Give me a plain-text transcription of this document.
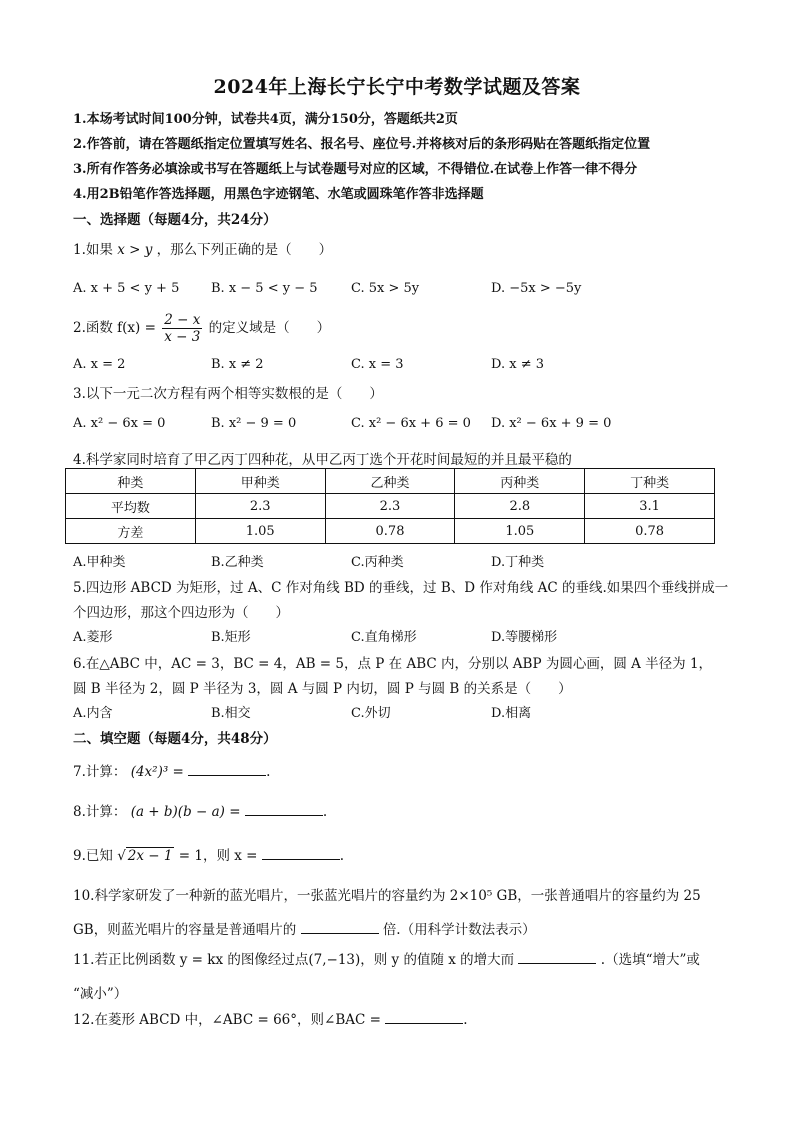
2024年上海长宁长宁中考数学试题及答案
1.本场考试时间100分钟，试卷共4页，满分150分，答题纸共2页
2.作答前，请在答题纸指定位置填写姓名、报名号、座位号.并将核对后的条形码贴在答题纸指定位置
3.所有作答务必填涂或书写在答题纸上与试卷题号对应的区域，不得错位.在试卷上作答一律不得分
4.用2B铅笔作答选择题，用黑色字迹钢笔、水笔或圆珠笔作答非选择题
一、选择题（每题4分，共24分）
1.如果 x > y ，那么下列正确的是（　　）
A. x + 5 < y + 5 B. x − 5 < y − 5	C. 5x > 5y	D. −5x > −5y
2.函数 $f(x) = \frac{2 - x}{x - 3}$ 的定义域是（　　）
A. x = 2	B. x ≠ 2	C. x = 3	D. x ≠ 3
3.以下一元二次方程有两个相等实数根的是（　　）
A. x² − 6x = 0	B. x² − 9 = 0	C. x² − 6x + 6 = 0 D. x² − 6x + 9 = 0
4.科学家同时培育了甲乙丙丁四种花，从甲乙丙丁选个开花时间最短的并且最平稳的
种类	甲种类	乙种类	丙种类	丁种类
平均数	2.3	2.3	2.8	3.1
方差	1.05	0.78	1.05	0.78
A.甲种类	B.乙种类	C.丙种类	D.丁种类
5.四边形 ABCD 为矩形，过 A、C 作对角线 BD 的垂线，过 B、D 作对角线 AC 的垂线.如果四个垂线拼成一
个四边形，那这个四边形为（　　）
A.菱形	B.矩形	C.直角梯形	D.等腰梯形
6.在△ABC 中，AC = 3，BC = 4，AB = 5，点 P 在 ABC 内，分别以 ABP 为圆心画，圆 A 半径为 1，
圆 B 半径为 2，圆 P 半径为 3，圆 A 与圆 P 内切，圆 P 与圆 B 的关系是（　　）
A.内含	B.相交	C.外切	D.相离
二、填空题（每题4分，共48分）
7.计算： (4x²)³ =	.
8.计算： (a + b)(b − a) =	.
9.已知 √ 2x − 1 = 1，则 x =	.
10.科学家研发了一种新的蓝光唱片，一张蓝光唱片的容量约为 2×10⁵ GB，一张普通唱片的容量约为 25
GB，则蓝光唱片的容量是普通唱片的	倍.（用科学计数法表示）
11.若正比例函数 y = kx 的图像经过点(7,−13)，则 y 的值随 x 的增大而	.（选填“增大”或
“减小”）
12.在菱形 ABCD 中，∠ABC = 66°，则∠BAC =	.
